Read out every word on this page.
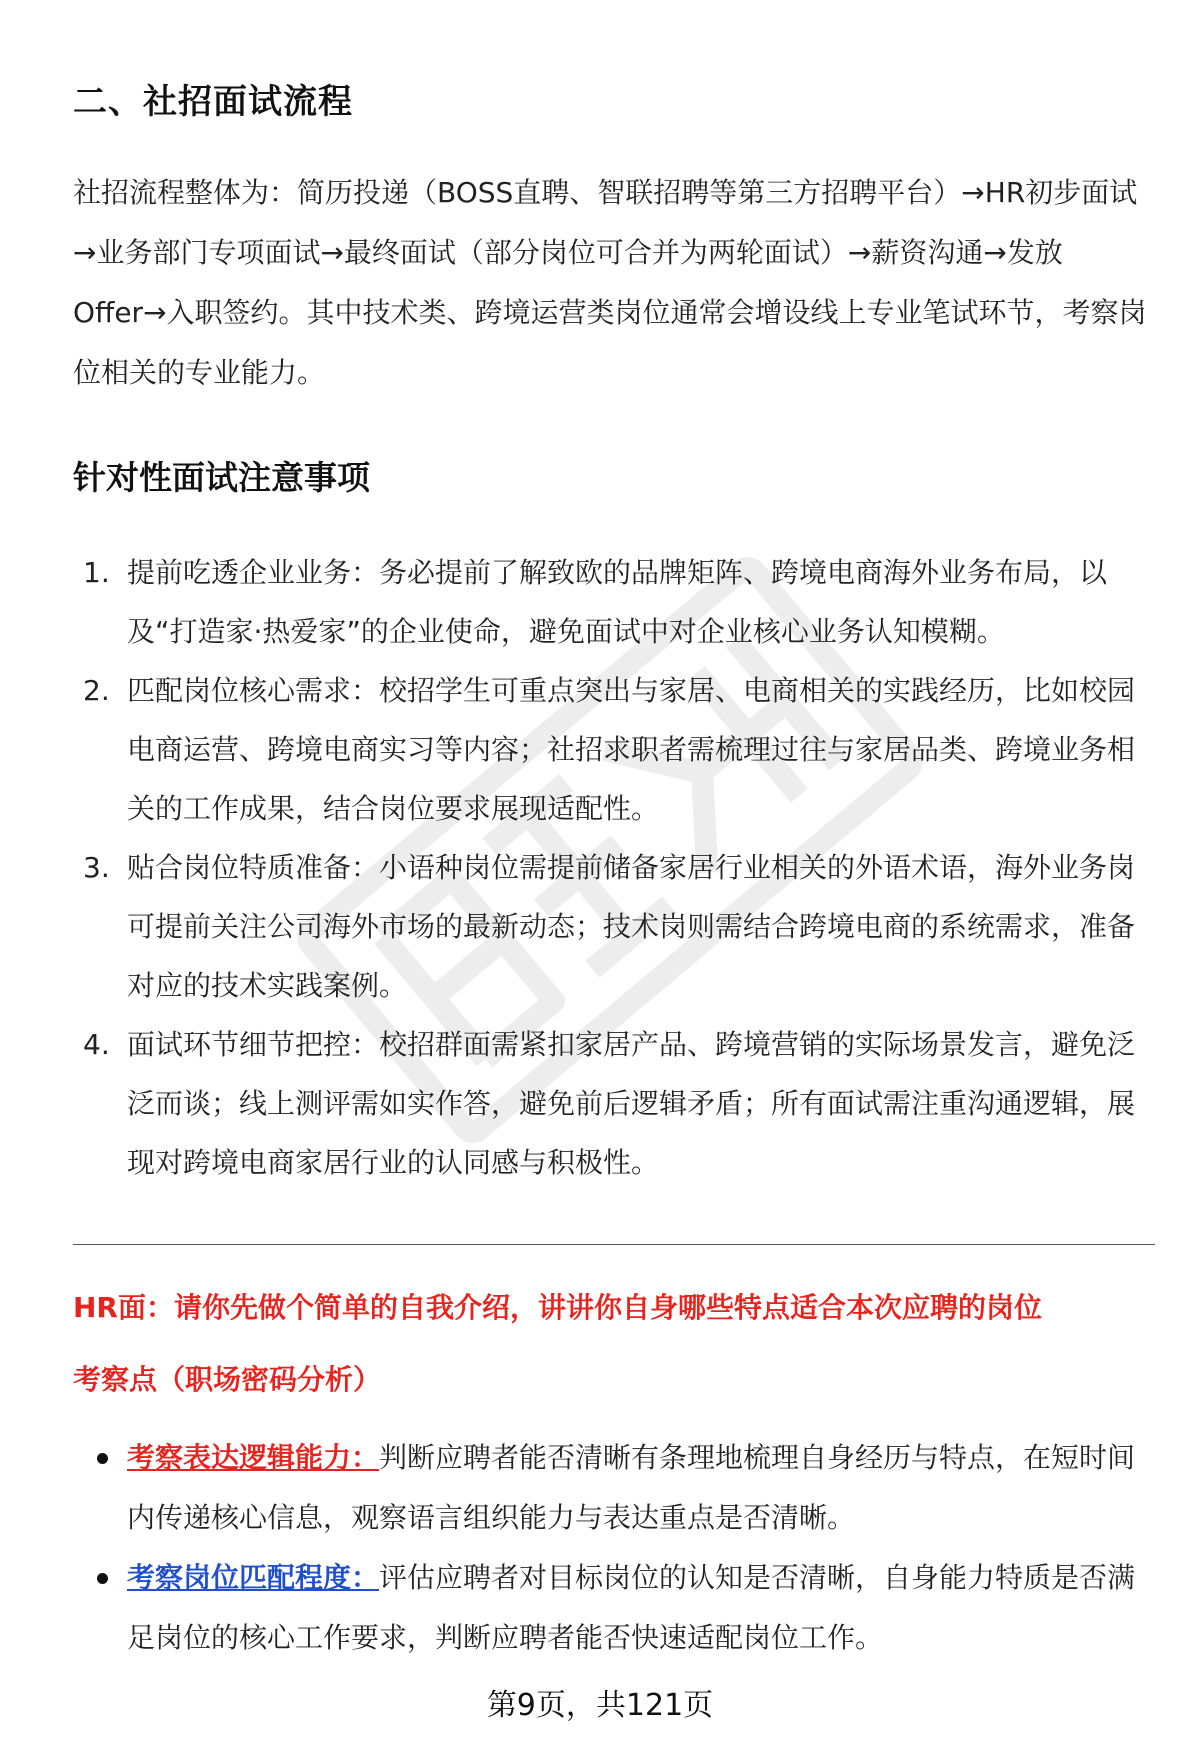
二、社招面试流程

社招流程整体为：简历投递（BOSS直聘、智联招聘等第三方招聘平台）→HR初步面试→业务部门专项面试→最终面试（部分岗位可合并为两轮面试）→薪资沟通→发放Offer→入职签约。其中技术类、跨境运营类岗位通常会增设线上专业笔试环节，考察岗位相关的专业能力。

针对性面试注意事项
1. 提前吃透企业业务：务必提前了解致欧的品牌矩阵、跨境电商海外业务布局，以及“打造家·热爱家”的企业使命，避免面试中对企业核心业务认知模糊。
2. 匹配岗位核心需求：校招学生可重点突出与家居、电商相关的实践经历，比如校园电商运营、跨境电商实习等内容；社招求职者需梳理过往与家居品类、跨境业务相关的工作成果，结合岗位要求展现适配性。
3. 贴合岗位特质准备：小语种岗位需提前储备家居行业相关的外语术语，海外业务岗可提前关注公司海外市场的最新动态；技术岗则需结合跨境电商的系统需求，准备对应的技术实践案例。
4. 面试环节细节把控：校招群面需紧扣家居产品、跨境营销的实际场景发言，避免泛泛而谈；线上测评需如实作答，避免前后逻辑矛盾；所有面试需注重沟通逻辑，展现对跨境电商家居行业的认同感与积极性。

HR面：请你先做个简单的自我介绍，讲讲你自身哪些特点适合本次应聘的岗位

考察点（职场密码分析）

考察表达逻辑能力：判断应聘者能否清晰有条理地梳理自身经历与特点，在短时间内传递核心信息，观察语言组织能力与表达重点是否清晰。
考察岗位匹配程度：评估应聘者对目标岗位的认知是否清晰，自身能力特质是否满足岗位的核心工作要求，判断应聘者能否快速适配岗位工作。
第9页，共121页
